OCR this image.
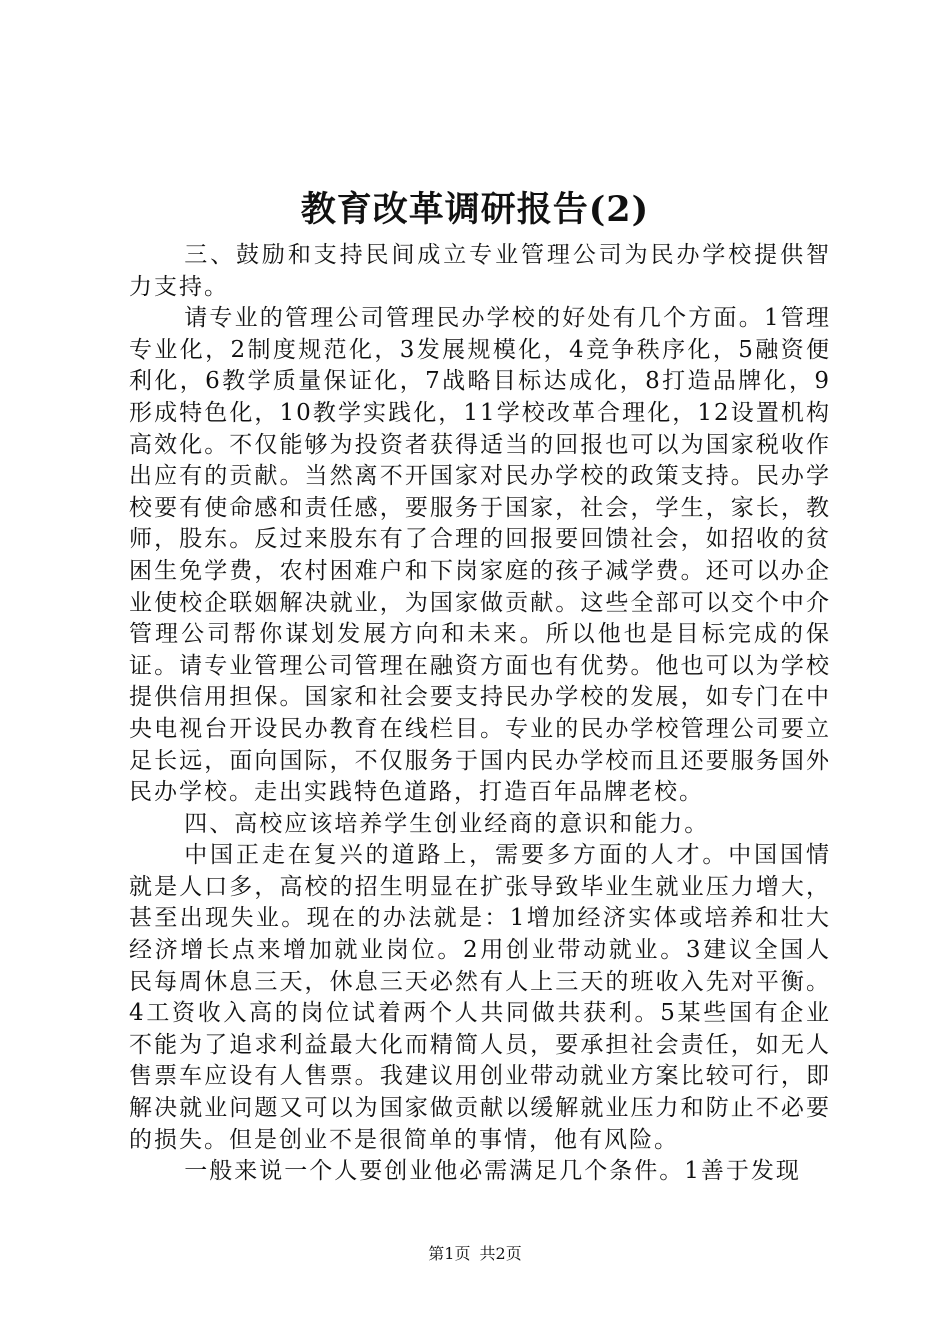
教育改革调研报告(2)

三、鼓励和支持民间成立专业管理公司为民办学校提供智力支持。

请专业的管理公司管理民办学校的好处有几个方面。1管理专业化，2制度规范化，3发展规模化，4竞争秩序化，5融资便利化，6教学质量保证化，7战略目标达成化，8打造品牌化，9形成特色化，10教学实践化，11学校改革合理化，12设置机构高效化。不仅能够为投资者获得适当的回报也可以为国家税收作出应有的贡献。当然离不开国家对民办学校的政策支持。民办学校要有使命感和责任感，要服务于国家，社会，学生，家长，教师，股东。反过来股东有了合理的回报要回馈社会，如招收的贫困生免学费，农村困难户和下岗家庭的孩子减学费。还可以办企业使校企联姻解决就业，为国家做贡献。这些全部可以交个中介管理公司帮你谋划发展方向和未来。所以他也是目标完成的保证。请专业管理公司管理在融资方面也有优势。他也可以为学校提供信用担保。国家和社会要支持民办学校的发展，如专门在中央电视台开设民办教育在线栏目。专业的民办学校管理公司要立足长远，面向国际，不仅服务于国内民办学校而且还要服务国外民办学校。走出实践特色道路，打造百年品牌老校。

四、高校应该培养学生创业经商的意识和能力。

中国正走在复兴的道路上，需要多方面的人才。中国国情就是人口多，高校的招生明显在扩张导致毕业生就业压力增大，甚至出现失业。现在的办法就是：1增加经济实体或培养和壮大经济增长点来增加就业岗位。2用创业带动就业。3建议全国人民每周休息三天，休息三天必然有人上三天的班收入先对平衡。4工资收入高的岗位试着两个人共同做共获利。5某些国有企业不能为了追求利益最大化而精简人员，要承担社会责任，如无人售票车应设有人售票。我建议用创业带动就业方案比较可行，即解决就业问题又可以为国家做贡献以缓解就业压力和防止不必要的损失。但是创业不是很简单的事情，他有风险。

一般来说一个人要创业他必需满足几个条件。1善于发现

第1页 共2页
